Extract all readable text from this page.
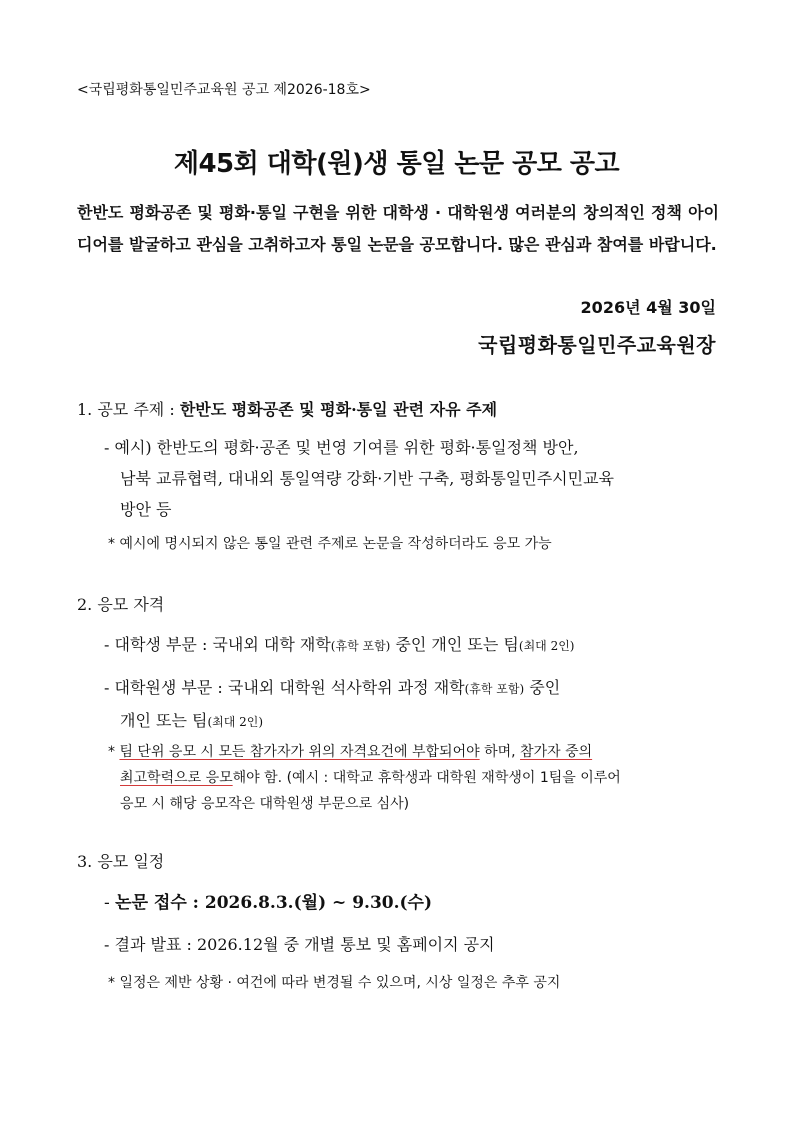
<국립평화통일민주교육원 공고 제2026-18호>
제45회 대학(원)생 통일 논문 공모 공고
한반도 평화공존 및 평화·통일 구현을 위한 대학생 · 대학원생 여러분의 창의적인 정책 아이디어를 발굴하고 관심을 고취하고자 통일 논문을 공모합니다. 많은 관심과 참여를 바랍니다.
2026년 4월 30일
국립평화통일민주교육원장
1. 공모 주제 : 한반도 평화공존 및 평화·통일 관련 자유 주제
- 예시) 한반도의 평화·공존 및 번영 기여를 위한 평화·통일정책 방안,
남북 교류협력, 대내외 통일역량 강화·기반 구축, 평화통일민주시민교육
방안 등
* 예시에 명시되지 않은 통일 관련 주제로 논문을 작성하더라도 응모 가능
2. 응모 자격
- 대학생 부문 : 국내외 대학 재학(휴학 포함) 중인 개인 또는 팀(최대 2인)
- 대학원생 부문 : 국내외 대학원 석사학위 과정 재학(휴학 포함) 중인
개인 또는 팀(최대 2인)
* 팀 단위 응모 시 모든 참가자가 위의 자격요건에 부합되어야 하며, 참가자 중의
최고학력으로 응모해야 함. (예시 : 대학교 휴학생과 대학원 재학생이 1팀을 이루어
응모 시 해당 응모작은 대학원생 부문으로 심사)
3. 응모 일정
- 논문 접수 : 2026.8.3.(월) ~ 9.30.(수)
- 결과 발표 : 2026.12월 중 개별 통보 및 홈페이지 공지
* 일정은 제반 상황 · 여건에 따라 변경될 수 있으며, 시상 일정은 추후 공지
